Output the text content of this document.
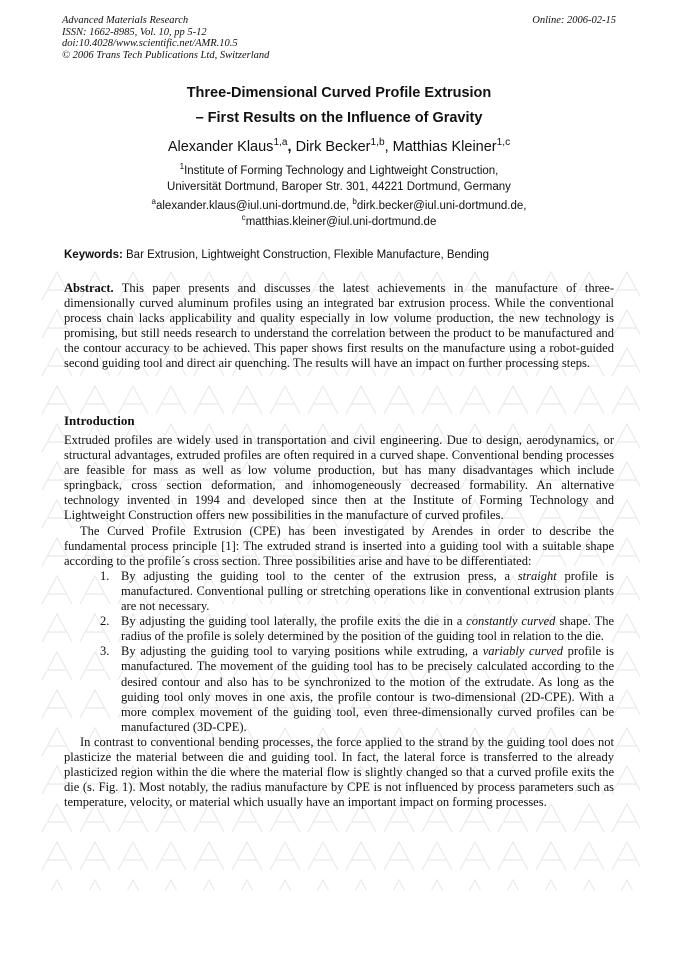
Advanced Materials Research
ISSN: 1662-8985, Vol. 10, pp 5-12
doi:10.4028/www.scientific.net/AMR.10.5
© 2006 Trans Tech Publications Ltd, Switzerland
Online: 2006-02-15
Three-Dimensional Curved Profile Extrusion
– First Results on the Influence of Gravity
Alexander Klaus$^{1,a}$, Dirk Becker$^{1,b}$, Matthias Kleiner$^{1,c}$
$^1$Institute of Forming Technology and Lightweight Construction,
Universität Dortmund, Baroper Str. 301, 44221 Dortmund, Germany
$^a$alexander.klaus@iul.uni-dortmund.de, $^b$dirk.becker@iul.uni-dortmund.de,
$^c$matthias.kleiner@iul.uni-dortmund.de
Keywords: Bar Extrusion, Lightweight Construction, Flexible Manufacture, Bending
Abstract. This paper presents and discusses the latest achievements in the manufacture of three-dimensionally curved aluminum profiles using an integrated bar extrusion process. While the conventional process chain lacks applicability and quality especially in low volume production, the new technology is promising, but still needs research to understand the correlation between the product to be manufactured and the contour accuracy to be achieved. This paper shows first results on the manufacture using a robot-guided second guiding tool and direct air quenching. The results will have an impact on further processing steps.
Introduction

Extruded profiles are widely used in transportation and civil engineering. Due to design, aerodynamics, or structural advantages, extruded profiles are often required in a curved shape. Conventional bending processes are feasible for mass as well as low volume production, but has many disadvantages which include springback, cross section deformation, and inhomogeneously decreased formability. An alternative technology invented in 1994 and developed since then at the Institute of Forming Technology and Lightweight Construction offers new possibilities in the manufacture of curved profiles.

The Curved Profile Extrusion (CPE) has been investigated by Arendes in order to describe the fundamental process principle [1]: The extruded strand is inserted into a guiding tool with a suitable shape according to the profile´s cross section. Three possibilities arise and have to be differentiated:

1. By adjusting the guiding tool to the center of the extrusion press, a straight profile is manufactured. Conventional pulling or stretching operations like in conventional extrusion plants are not necessary.
2. By adjusting the guiding tool laterally, the profile exits the die in a constantly curved shape. The radius of the profile is solely determined by the position of the guiding tool in relation to the die.
3. By adjusting the guiding tool to varying positions while extruding, a variably curved profile is manufactured. The movement of the guiding tool has to be precisely calculated according to the desired contour and also has to be synchronized to the motion of the extrudate. As long as the guiding tool only moves in one axis, the profile contour is two-dimensional (2D-CPE). With a more complex movement of the guiding tool, even three-dimensionally curved profiles can be manufactured (3D-CPE).

In contrast to conventional bending processes, the force applied to the strand by the guiding tool does not plasticize the material between die and guiding tool. In fact, the lateral force is transferred to the already plasticized region within the die where the material flow is slightly changed so that a curved profile exits the die (s. Fig. 1). Most notably, the radius manufacture by CPE is not influenced by process parameters such as temperature, velocity, or material which usually have an important impact on forming processes.
